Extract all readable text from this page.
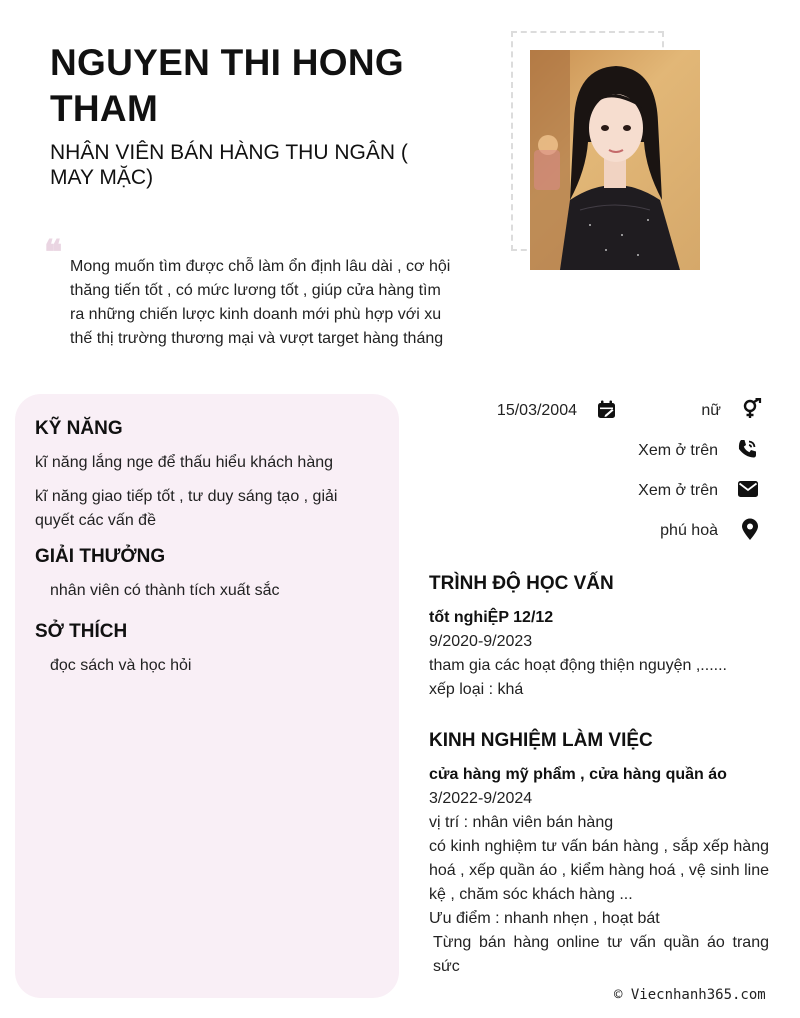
NGUYEN THI HONG THAM
NHÂN VIÊN BÁN HÀNG THU NGÂN ( MAY MẶC)
❝ Mong muốn tìm được chỗ làm ổn định lâu dài , cơ hội thăng tiến tốt , có mức lương tốt , giúp cửa hàng tìm ra những chiến lược kinh doanh mới phù hợp với xu thế thị trường thương mại và vượt target hàng tháng
KỸ NĂNG
kĩ năng lắng nge để thấu hiểu khách hàng
kĩ năng giao tiếp tốt , tư duy sáng tạo , giải quyết các vấn đề
GIẢI THƯỞNG
nhân viên có thành tích xuất sắc
SỞ THÍCH
đọc sách và học hỏi
15/03/2004	nữ
Xem ở trên
Xem ở trên
phú hoà
TRÌNH ĐỘ HỌC VẤN
tốt nghiỆP 12/12
9/2020-9/2023
tham gia các hoạt động thiện nguyện ,......
xếp loại : khá
KINH NGHIỆM LÀM VIỆC
cửa hàng mỹ phẩm , cửa hàng quần áo
3/2022-9/2024
vị trí : nhân viên bán hàng
có kinh nghiệm tư vấn bán hàng , sắp xếp hàng hoá , xếp quần áo , kiểm hàng hoá , vệ sinh line kệ , chăm sóc khách hàng ...
Ưu điểm : nhanh nhẹn , hoạt bát
Từng bán hàng online tư vấn quần áo trang sức
© Viecnhanh365.com
